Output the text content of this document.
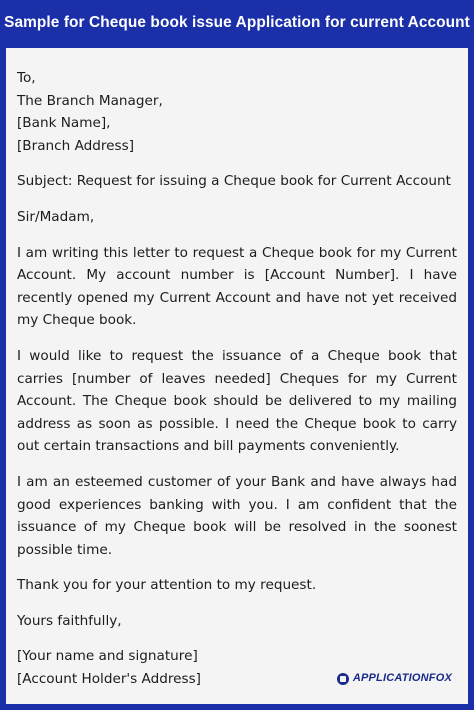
Sample for Cheque book issue Application for current Account
To,
The Branch Manager,
[Bank Name],
[Branch Address]

Subject: Request for issuing a Cheque book for Current Account

Sir/Madam,

I am writing this letter to request a Cheque book for my Current Account. My account number is [Account Number]. I have recently opened my Current Account and have not yet received my Cheque book.

I would like to request the issuance of a Cheque book that carries [number of leaves needed] Cheques for my Current Account. The Cheque book should be delivered to my mailing address as soon as possible. I need the Cheque book to carry out certain transactions and bill payments conveniently.

I am an esteemed customer of your Bank and have always had good experiences banking with you. I am confident that the issuance of my Cheque book will be resolved in the soonest possible time.

Thank you for your attention to my request.

Yours faithfully,

[Your name and signature]
[Account Holder's Address]	APPLICATIONFOX
